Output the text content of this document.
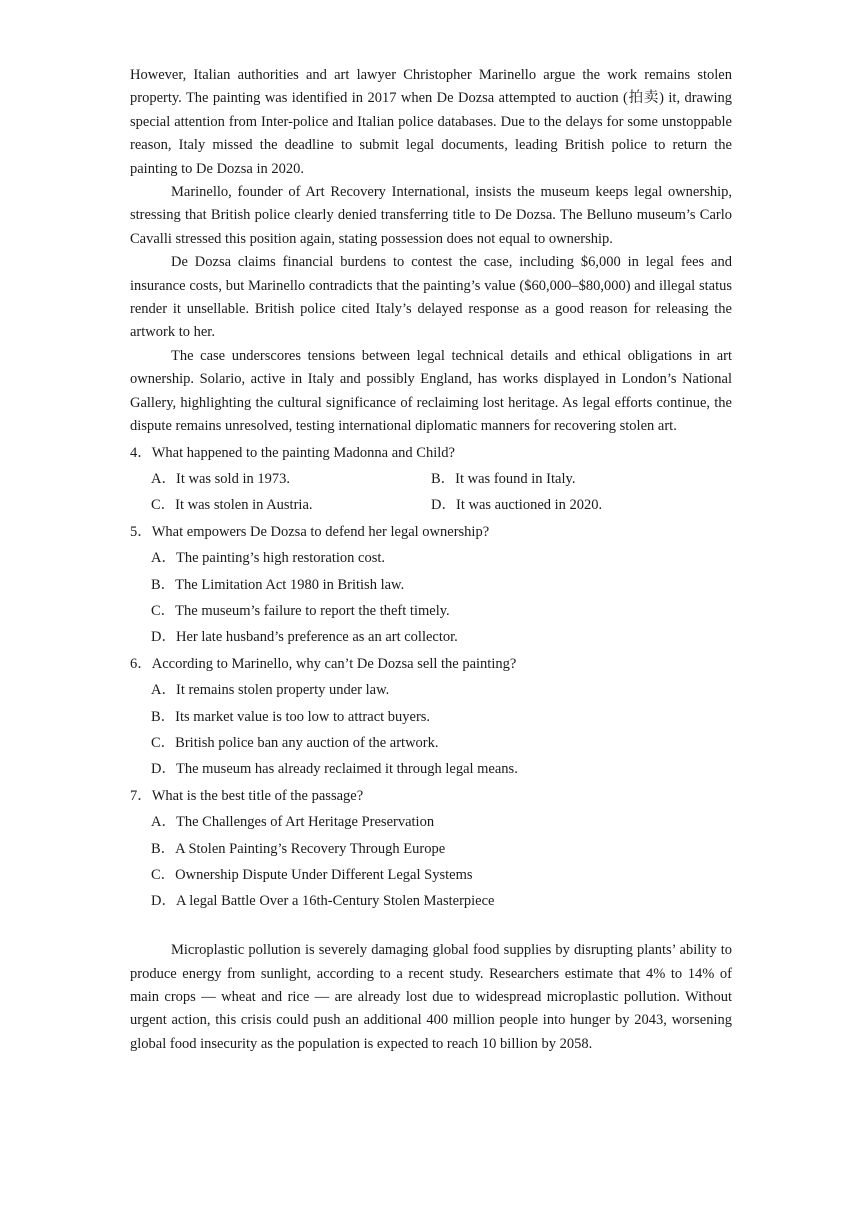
However, Italian authorities and art lawyer Christopher Marinello argue the work remains stolen property. The painting was identified in 2017 when De Dozsa attempted to auction (拍卖) it, drawing special attention from Inter-police and Italian police databases. Due to the delays for some unstoppable reason, Italy missed the deadline to submit legal documents, leading British police to return the painting to De Dozsa in 2020.

Marinello, founder of Art Recovery International, insists the museum keeps legal ownership, stressing that British police clearly denied transferring title to De Dozsa. The Belluno museum’s Carlo Cavalli stressed this position again, stating possession does not equal to ownership.

De Dozsa claims financial burdens to contest the case, including $6,000 in legal fees and insurance costs, but Marinello contradicts that the painting’s value ($60,000–$80,000) and illegal status render it unsellable. British police cited Italy’s delayed response as a good reason for releasing the artwork to her.

The case underscores tensions between legal technical details and ethical obligations in art ownership. Solario, active in Italy and possibly England, has works displayed in London’s National Gallery, highlighting the cultural significance of reclaiming lost heritage. As legal efforts continue, the dispute remains unresolved, testing international diplomatic manners for recovering stolen art.

4． What happened to the painting Madonna and Child?
A． It was sold in 1973.	B． It was found in Italy.
C． It was stolen in Austria.	D． It was auctioned in 2020.
5． What empowers De Dozsa to defend her legal ownership?
A． The painting’s high restoration cost.
B． The Limitation Act 1980 in British law.
C． The museum’s failure to report the theft timely.
D． Her late husband’s preference as an art collector.
6． According to Marinello, why can’t De Dozsa sell the painting?
A． It remains stolen property under law.
B． Its market value is too low to attract buyers.
C． British police ban any auction of the artwork.
D． The museum has already reclaimed it through legal means.
7． What is the best title of the passage?
A． The Challenges of Art Heritage Preservation
B． A Stolen Painting’s Recovery Through Europe
C． Ownership Dispute Under Different Legal Systems
D． A legal Battle Over a 16th-Century Stolen Masterpiece

Microplastic pollution is severely damaging global food supplies by disrupting plants’ ability to produce energy from sunlight, according to a recent study. Researchers estimate that 4% to 14% of main crops — wheat and rice — are already lost due to widespread microplastic pollution. Without urgent action, this crisis could push an additional 400 million people into hunger by 2043, worsening global food insecurity as the population is expected to reach 10 billion by 2058.
